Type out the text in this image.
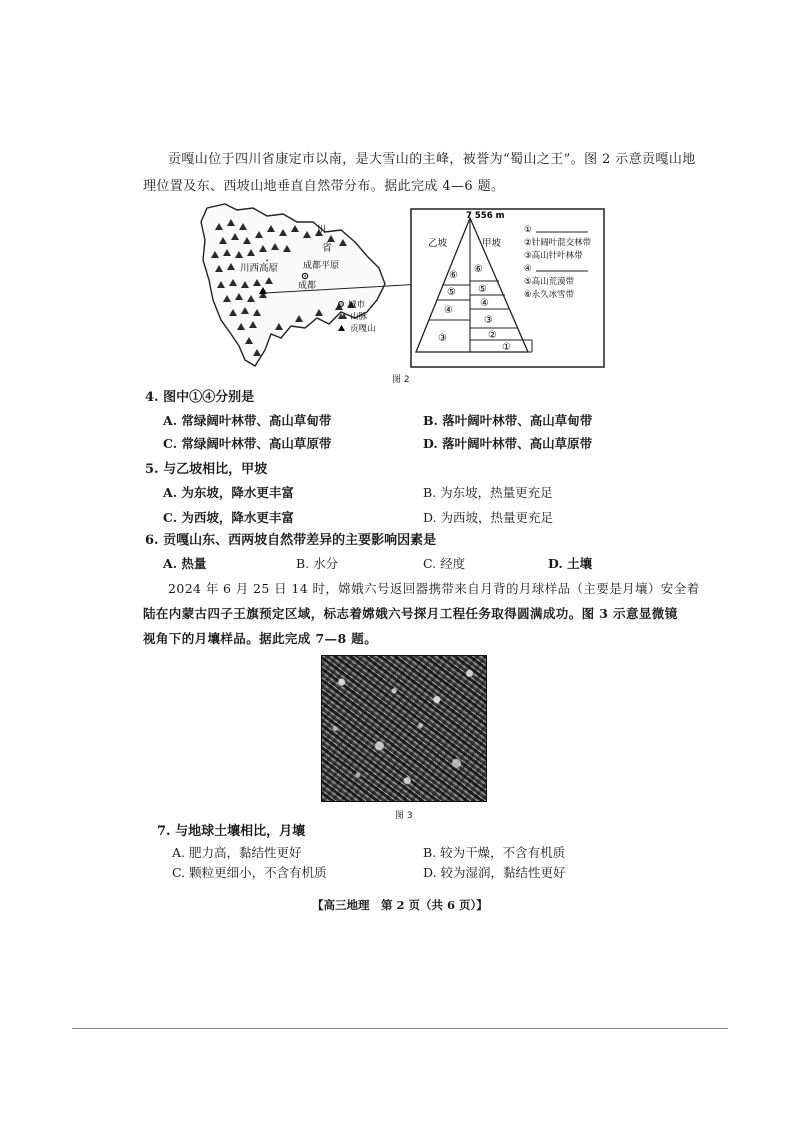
贡嘎山位于四川省康定市以南，是大雪山的主峰，被誉为“蜀山之王”。图 2 示意贡嘎山地
理位置及东、西坡山地垂直自然带分布。据此完成 4—6 题。
省
川
川西高原	成都平原
成都
城市
山脉
贡嘎山
7 556 m
乙坡	甲坡
⑥
⑤
④
③
⑥
⑤
④
③
②
①
①
②针阔叶混交林带
③高山针叶林带
④
⑤高山荒漠带
⑥永久冰雪带
图 2
4. 图中①④分别是
A. 常绿阔叶林带、高山草甸带	B. 落叶阔叶林带、高山草甸带
C. 常绿阔叶林带、高山草原带	D. 落叶阔叶林带、高山草原带
5. 与乙坡相比，甲坡
A. 为东坡，降水更丰富	B. 为东坡，热量更充足
C. 为西坡，降水更丰富	D. 为西坡，热量更充足
6. 贡嘎山东、西两坡自然带差异的主要影响因素是
A. 热量	B. 水分	C. 经度	D. 土壤
2024 年 6 月 25 日 14 时，嫦娥六号返回器携带来自月背的月球样品（主要是月壤）安全着
陆在内蒙古四子王旗预定区域，标志着嫦娥六号探月工程任务取得圆满成功。图 3 示意显微镜
视角下的月壤样品。据此完成 7—8 题。
图 3
7. 与地球土壤相比，月壤
A. 肥力高，黏结性更好	B. 较为干燥，不含有机质
C. 颗粒更细小，不含有机质	D. 较为湿润，黏结性更好
【高三地理　第 2 页（共 6 页）】
